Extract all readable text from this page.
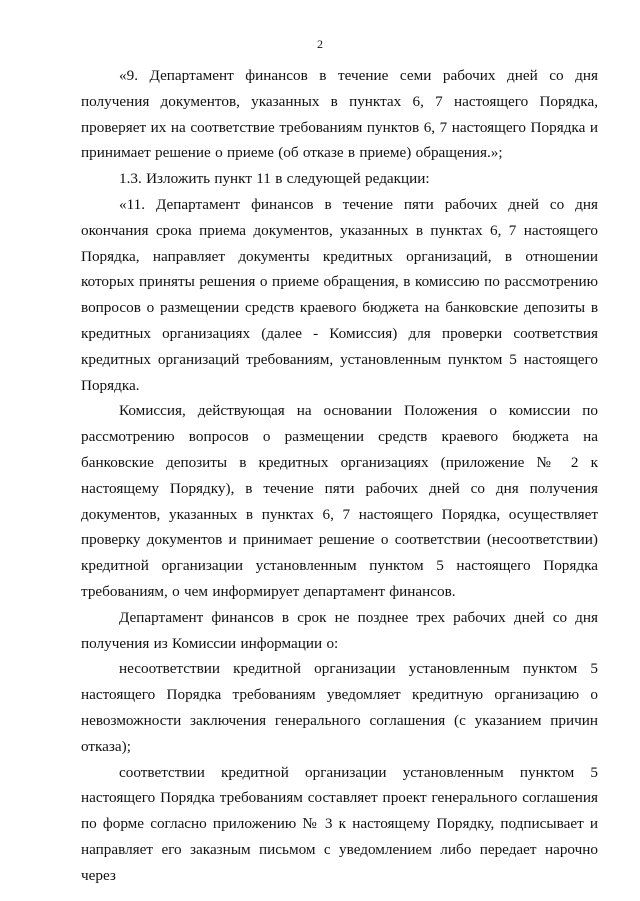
2

«9. Департамент финансов в течение семи рабочих дней со дня получения документов, указанных в пунктах 6, 7 настоящего Порядка, проверяет их на соответствие требованиям пунктов 6, 7 настоящего Порядка и принимает решение о приеме (об отказе в приеме) обращения.»;

1.3. Изложить пункт 11 в следующей редакции:

«11. Департамент финансов в течение пяти рабочих дней со дня окончания срока приема документов, указанных в пунктах 6, 7 настоящего Порядка, направляет документы кредитных организаций, в отношении которых приняты решения о приеме обращения, в комиссию по рассмотрению вопросов о размещении средств краевого бюджета на банковские депозиты в кредитных организациях (далее - Комиссия) для проверки соответствия кредитных организаций требованиям, установленным пунктом 5 настоящего Порядка.

Комиссия, действующая на основании Положения о комиссии по рассмотрению вопросов о размещении средств краевого бюджета на банковские депозиты в кредитных организациях (приложение № 2 к настоящему Порядку), в течение пяти рабочих дней со дня получения документов, указанных в пунктах 6, 7 настоящего Порядка, осуществляет проверку документов и принимает решение о соответствии (несоответствии) кредитной организации установленным пунктом 5 настоящего Порядка требованиям, о чем информирует департамент финансов.

Департамент финансов в срок не позднее трех рабочих дней со дня получения из Комиссии информации о:

несоответствии кредитной организации установленным пунктом 5 настоящего Порядка требованиям уведомляет кредитную организацию о невозможности заключения генерального соглашения (с указанием причин отказа);

соответствии кредитной организации установленным пунктом 5 настоящего Порядка требованиям составляет проект генерального соглашения по форме согласно приложению № 3 к настоящему Порядку, подписывает и направляет его заказным письмом с уведомлением либо передает нарочно через
